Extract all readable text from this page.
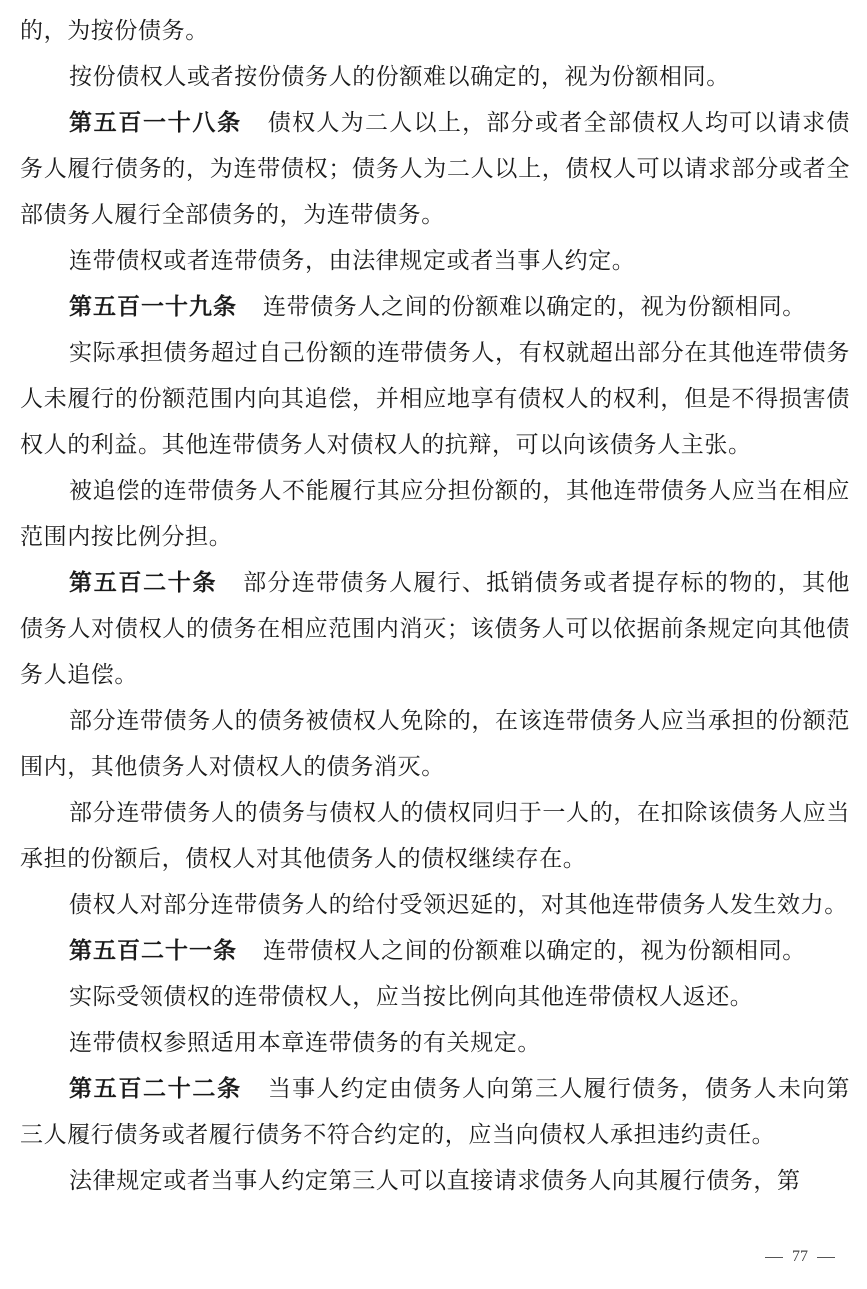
的，为按份债务。

按份债权人或者按份债务人的份额难以确定的，视为份额相同。

第五百一十八条 债权人为二人以上，部分或者全部债权人均可以请求债务人履行债务的，为连带债权；债务人为二人以上，债权人可以请求部分或者全部债务人履行全部债务的，为连带债务。

连带债权或者连带债务，由法律规定或者当事人约定。

第五百一十九条 连带债务人之间的份额难以确定的，视为份额相同。

实际承担债务超过自己份额的连带债务人，有权就超出部分在其他连带债务人未履行的份额范围内向其追偿，并相应地享有债权人的权利，但是不得损害债权人的利益。其他连带债务人对债权人的抗辩，可以向该债务人主张。

被追偿的连带债务人不能履行其应分担份额的，其他连带债务人应当在相应范围内按比例分担。

第五百二十条 部分连带债务人履行、抵销债务或者提存标的物的，其他债务人对债权人的债务在相应范围内消灭；该债务人可以依据前条规定向其他债务人追偿。

部分连带债务人的债务被债权人免除的，在该连带债务人应当承担的份额范围内，其他债务人对债权人的债务消灭。

部分连带债务人的债务与债权人的债权同归于一人的，在扣除该债务人应当承担的份额后，债权人对其他债务人的债权继续存在。

债权人对部分连带债务人的给付受领迟延的，对其他连带债务人发生效力。

第五百二十一条 连带债权人之间的份额难以确定的，视为份额相同。

实际受领债权的连带债权人，应当按比例向其他连带债权人返还。

连带债权参照适用本章连带债务的有关规定。

第五百二十二条 当事人约定由债务人向第三人履行债务，债务人未向第三人履行债务或者履行债务不符合约定的，应当向债权人承担违约责任。

法律规定或者当事人约定第三人可以直接请求债务人向其履行债务，第

77
